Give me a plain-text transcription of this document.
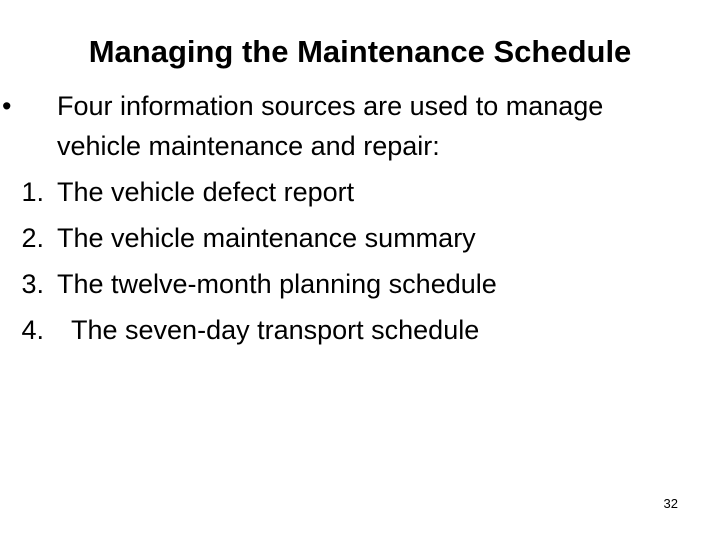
Managing the Maintenance Schedule
•	Four information sources are used to manage
vehicle maintenance and repair:
1. The vehicle defect report
2. The vehicle maintenance summary
3. The twelve-month planning schedule
4. The seven-day transport schedule
32
